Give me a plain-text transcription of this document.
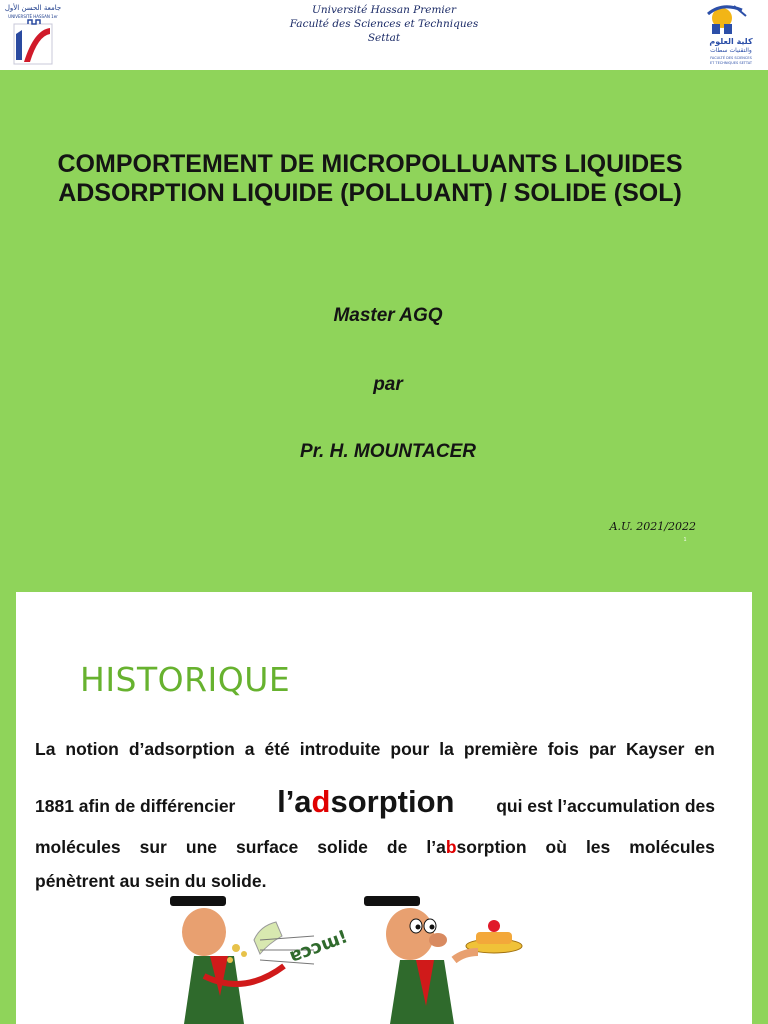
جامعة الحسن الأول
UNIVERSITÉ HASSAN 1er
كلية العلوم
والتقنيات سطات
FACULTÉ DES SCIENCES
ET TECHNIQUES SETTAT
Université Hassan Premier
Faculté des Sciences et Techniques
Settat
COMPORTEMENT DE MICROPOLLUANTS LIQUIDES
ADSORPTION LIQUIDE (POLLUANT) / SOLIDE (SOL)
Master AGQ
par
Pr. H. MOUNTACER
A.U. 2021/2022
1
HISTORIQUE
La notion d’adsorption a été introduite pour la première fois par Kayser en
1881 afin de différencier l’adsorption qui est l’accumulation des
molécules sur une surface solide de l’absorption où les molécules
pénètrent au sein du solide.
ɐɔɔɯ!
